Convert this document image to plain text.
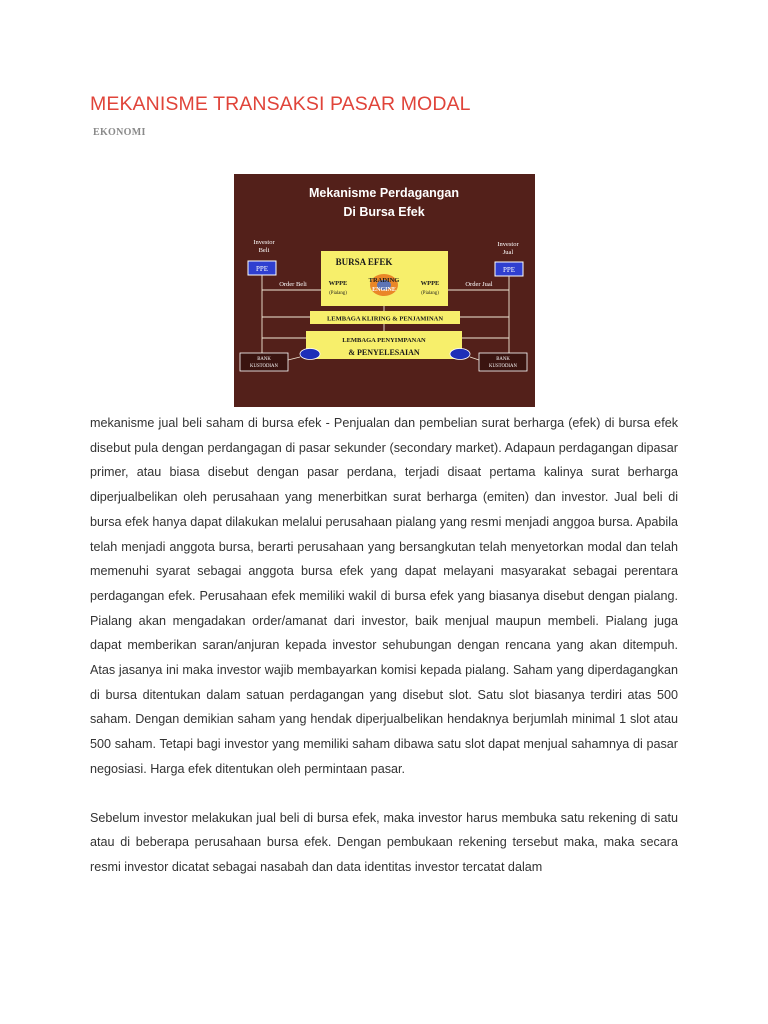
MEKANISME TRANSAKSI PASAR MODAL
EKONOMI
Mekanisme Perdagangan
Di Bursa Efek
Investor
Beli
Investor
Jual
PPE	PPE
Order Beli	Order Jual
BURSA EFEK
WPPE
(Pialang)
WPPE
(Pialang)
TRADING
ENGINE
LEMBAGA KLIRING & PENJAMINAN
LEMBAGA PENYIMPANAN
& PENYELESAIAN
BANK
KUSTODIAN
BANK
KUSTODIAN

mekanisme jual beli saham di bursa efek - Penjualan dan pembelian surat berharga (efek) di bursa efek disebut pula dengan perdangagan di pasar sekunder (secondary market). Adapaun perdagangan dipasar primer, atau biasa disebut dengan pasar perdana, terjadi disaat pertama kalinya surat berharga diperjualbelikan oleh perusahaan yang menerbitkan surat berharga (emiten) dan investor. Jual beli di bursa efek hanya dapat dilakukan melalui perusahaan pialang yang resmi menjadi anggoa bursa. Apabila telah menjadi anggota bursa, berarti perusahaan yang bersangkutan telah menyetorkan modal dan telah memenuhi syarat sebagai anggota bursa efek yang dapat melayani masyarakat sebagai perentara perdagangan efek. Perusahaan efek memiliki wakil di bursa efek yang biasanya disebut dengan pialang. Pialang akan mengadakan order/amanat dari investor, baik menjual maupun membeli. Pialang juga dapat memberikan saran/anjuran kepada investor sehubungan dengan rencana yang akan ditempuh. Atas jasanya ini maka investor wajib membayarkan komisi kepada pialang. Saham yang diperdagangkan di bursa ditentukan dalam satuan perdagangan yang disebut slot. Satu slot biasanya terdiri atas 500 saham. Dengan demikian saham yang hendak diperjualbelikan hendaknya berjumlah minimal 1 slot atau 500 saham. Tetapi bagi investor yang memiliki saham dibawa satu slot dapat menjual sahamnya di pasar negosiasi. Harga efek ditentukan oleh permintaan pasar.

Sebelum investor melakukan jual beli di bursa efek, maka investor harus membuka satu rekening di satu atau di beberapa perusahaan bursa efek. Dengan pembukaan rekening tersebut maka, maka secara resmi investor dicatat sebagai nasabah dan data identitas investor tercatat dalam
